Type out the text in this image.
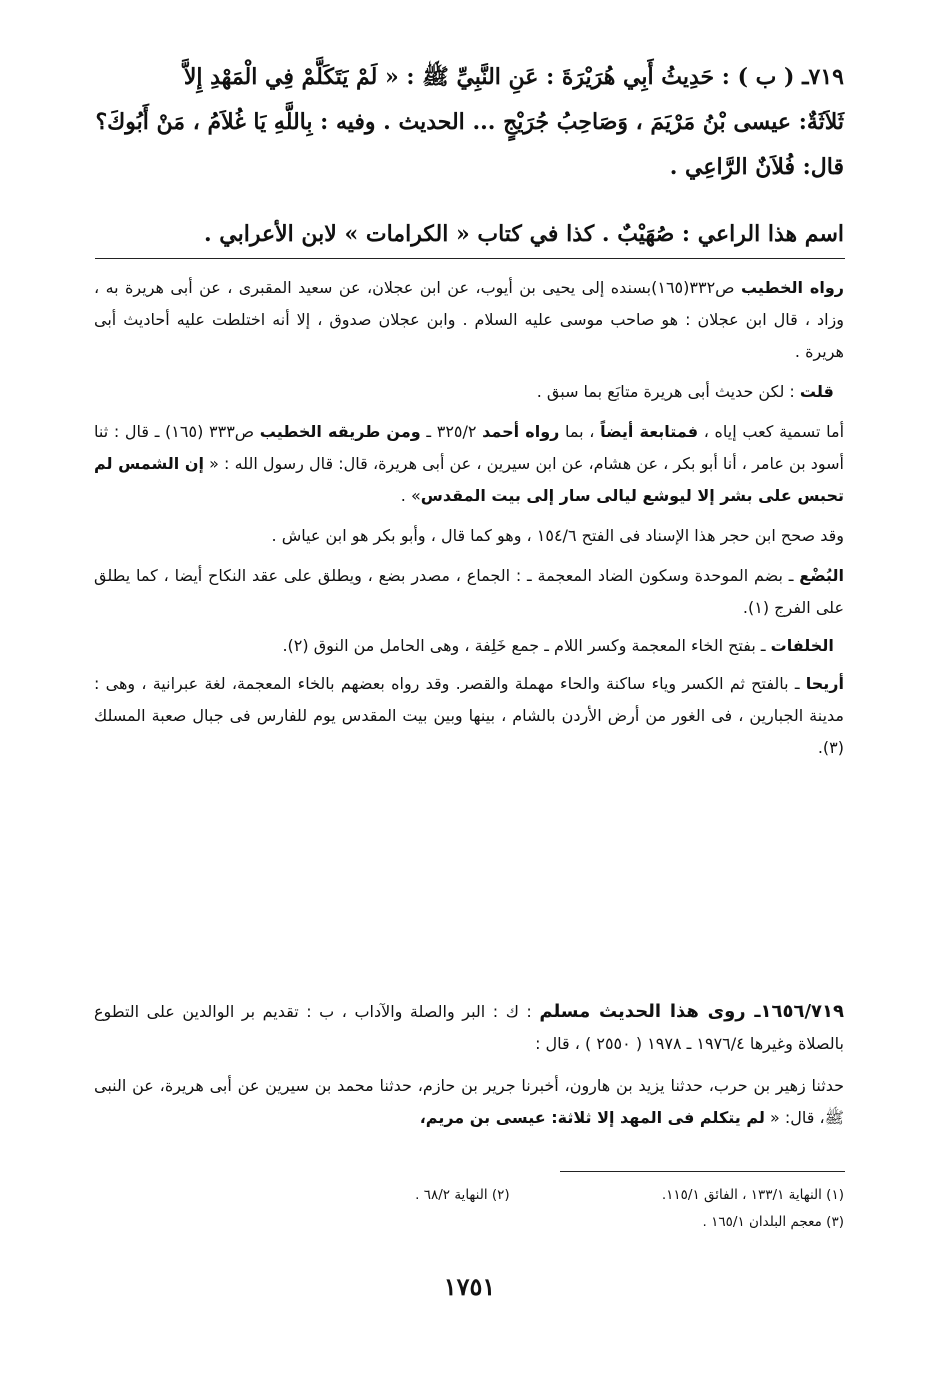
٧١٩ـ ( ب ) : حَدِيثُ أَبِي هُرَيْرَةَ : عَنِ النَّبِيِّ ﷺ : « لَمْ يَتَكَلَّمْ فِي الْمَهْدِ إِلاَّ
ثَلاَثَةٌ: عيسى بْنُ مَرْيَمَ ، وَصَاحِبُ جُرَيْجٍ ... الحديث . وفيه : بِاللَّهِ يَا غُلاَمُ ، مَنْ أَبُوكَ؟
قال: فُلاَنٌ الرَّاعِي .
اسم هذا الراعي : صُهَيْبٌ . كذا في كتاب « الكرامات » لابن الأعرابي .

رواه الخطيب ص٣٣٢(١٦٥)بسنده إلى يحيى بن أيوب، عن ابن عجلان، عن سعيد المقبرى ، عن أبى هريرة به ، وزاد ، قال ابن عجلان : هو صاحب موسى عليه السلام . وابن عجلان صدوق ، إلا أنه اختلطت عليه أحاديث أبى هريرة .

قلت : لكن حديث أبى هريرة متابَع بما سبق .

أما تسمية كعب إياه ، فمتابعة أيضاً ، بما رواه أحمد ٣٢٥/٢ ـ ومن طريقه الخطيب ص٣٣٣ (١٦٥) ـ قال : ثنا أسود بن عامر ، أنا أبو بكر ، عن هشام، عن ابن سيرين ، عن أبى هريرة، قال: قال رسول الله : « إن الشمس لم تحبس على بشر إلا ليوشع ليالى سار إلى بيت المقدس» .

وقد صحح ابن حجر هذا الإسناد فى الفتح ١٥٤/٦ ، وهو كما قال ، وأبو بكر هو ابن عياش .

البُضْع ـ بضم الموحدة وسكون الضاد المعجمة ـ : الجماع ، مصدر بضع ، ويطلق على عقد النكاح أيضا ، كما يطلق على الفرج (١).

الخلفات ـ بفتح الخاء المعجمة وكسر اللام ـ جمع خَلِفة ، وهى الحامل من النوق (٢).

أريحا ـ بالفتح ثم الكسر وياء ساكنة والحاء مهملة والقصر. وقد رواه بعضهم بالخاء المعجمة، لغة عبرانية ، وهى : مدينة الجبارين ، فى الغور من أرض الأردن بالشام ، بينها وبين بيت المقدس يوم للفارس فى جبال صعبة المسلك (٣).

١٦٥٦/٧١٩ـ روى هذا الحديث مسلم : ك : البر والصلة والآداب ، ب : تقديم بر الوالدين على التطوع بالصلاة وغيرها ١٩٧٦/٤ ـ ١٩٧٨ ( ٢٥٥٠ ) ، قال :

حدثنا زهير بن حرب، حدثنا يزيد بن هارون، أخبرنا جرير بن حازم، حدثنا محمد بن سيرين عن أبى هريرة، عن النبى ﷺ، قال: « لم يتكلم فى المهد إلا ثلاثة: عيسى بن مريم،

(١) النهاية ١٣٣/١ ، الفائق ١١٥/١. (٢) النهاية ٦٨/٢ .
(٣) معجم البلدان ١٦٥/١ .
١٧٥١
